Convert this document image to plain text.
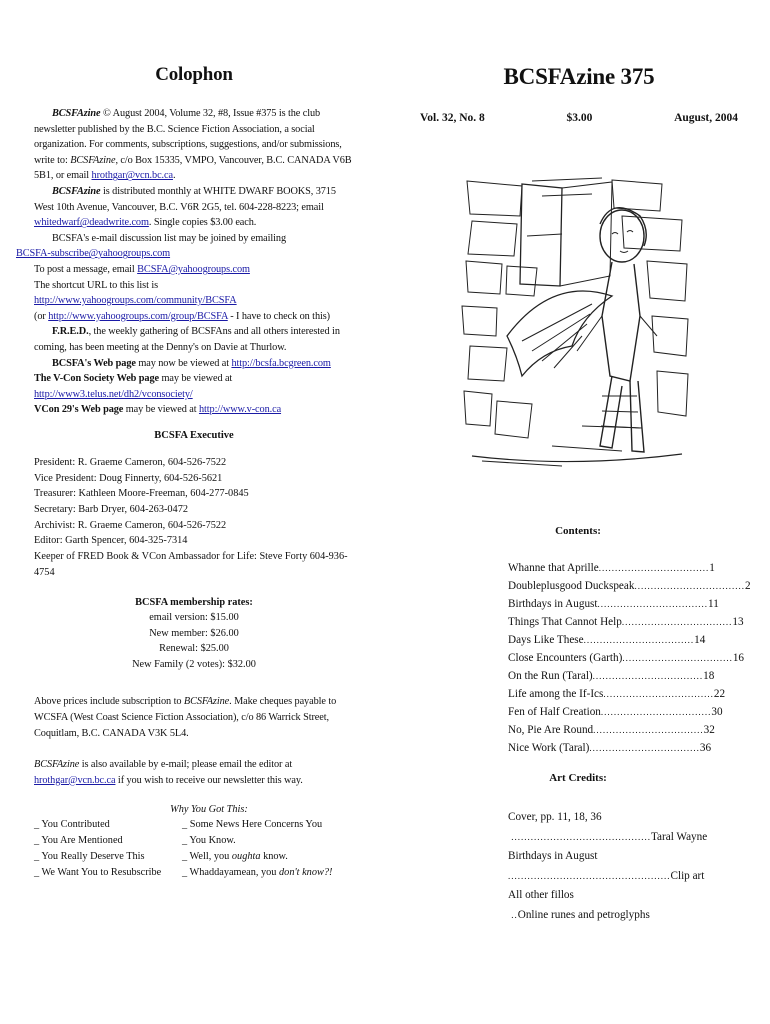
Colophon

BCSFAzine © August 2004, Volume 32, #8, Issue #375 is the club newsletter published by the B.C. Science Fiction Association, a social organization. For comments, subscriptions, suggestions, and/or submissions, write to: BCSFAzine, c/o Box 15335, VMPO, Vancouver, B.C. CANADA V6B 5B1, or email hrothgar@vcn.bc.ca.

BCSFAzine is distributed monthly at WHITE DWARF BOOKS, 3715 West 10th Avenue, Vancouver, B.C. V6R 2G5, tel. 604-228-8223; email whitedwarf@deadwrite.com. Single copies $3.00 each.

BCSFA's e-mail discussion list may be joined by emailing
BCSFA-subscribe@yahoogroups.com

To post a message, email BCSFA@yahoogroups.com

The shortcut URL to this list is http://www.yahoogroups.com/community/BCSFA
(or http://www.yahoogroups.com/group/BCSFA - I have to check on this)

F.R.E.D., the weekly gathering of BCSFAns and all others interested in coming, has been meeting at the Denny's on Davie at Thurlow.

BCSFA's Web page may now be viewed at http://bcsfa.bcgreen.com

The V-Con Society Web page may be viewed at
http://www3.telus.net/dh2/vconsociety/

VCon 29's Web page may be viewed at http://www.v-con.ca

BCSFA Executive
President: R. Graeme Cameron, 604-526-7522
Vice President: Doug Finnerty, 604-526-5621
Treasurer: Kathleen Moore-Freeman, 604-277-0845
Secretary: Barb Dryer, 604-263-0472
Archivist: R. Graeme Cameron, 604-526-7522
Editor: Garth Spencer, 604-325-7314
Keeper of FRED Book & VCon Ambassador for Life: Steve Forty 604-936-4754
BCSFA membership rates:
email version: $15.00
New member: $26.00
Renewal: $25.00
New Family (2 votes): $32.00

Above prices include subscription to BCSFAzine. Make cheques payable to WCSFA (West Coast Science Fiction Association), c/o 86 Warrick Street, Coquitlam, B.C. CANADA V3K 5L4.

BCSFAzine is also available by e-mail; please email the editor at hrothgar@vcn.bc.ca if you wish to receive our newsletter this way.

Why You Got This:
_ You Contributed
_ You Are Mentioned
_ You Really Deserve This
_ We Want You to Resubscribe
_ Some News Here Concerns You
_ You Know.
_ Well, you oughta know.
_ Whaddayamean, you don't know?!
BCSFAzine 375
Vol. 32, No. 8	$3.00	August, 2004
Contents:
Whanne that Aprille .................................. 1
Doubleplusgood Duckspeak .................................. 2
Birthdays in August .................................. 11
Things That Cannot Help .................................. 13
Days Like These .................................. 14
Close Encounters (Garth) .................................. 16
On the Run (Taral) .................................. 18
Life among the If-Ics .................................. 22
Fen of Half Creation .................................. 30
No, Pie Are Round .................................. 32
Nice Work (Taral) .................................. 36
Art Credits:
Cover, pp. 11, 18, 36
........................................... Taral Wayne
Birthdays in August
.................................................. Clip art
All other fillos
.. Online runes and petroglyphs
